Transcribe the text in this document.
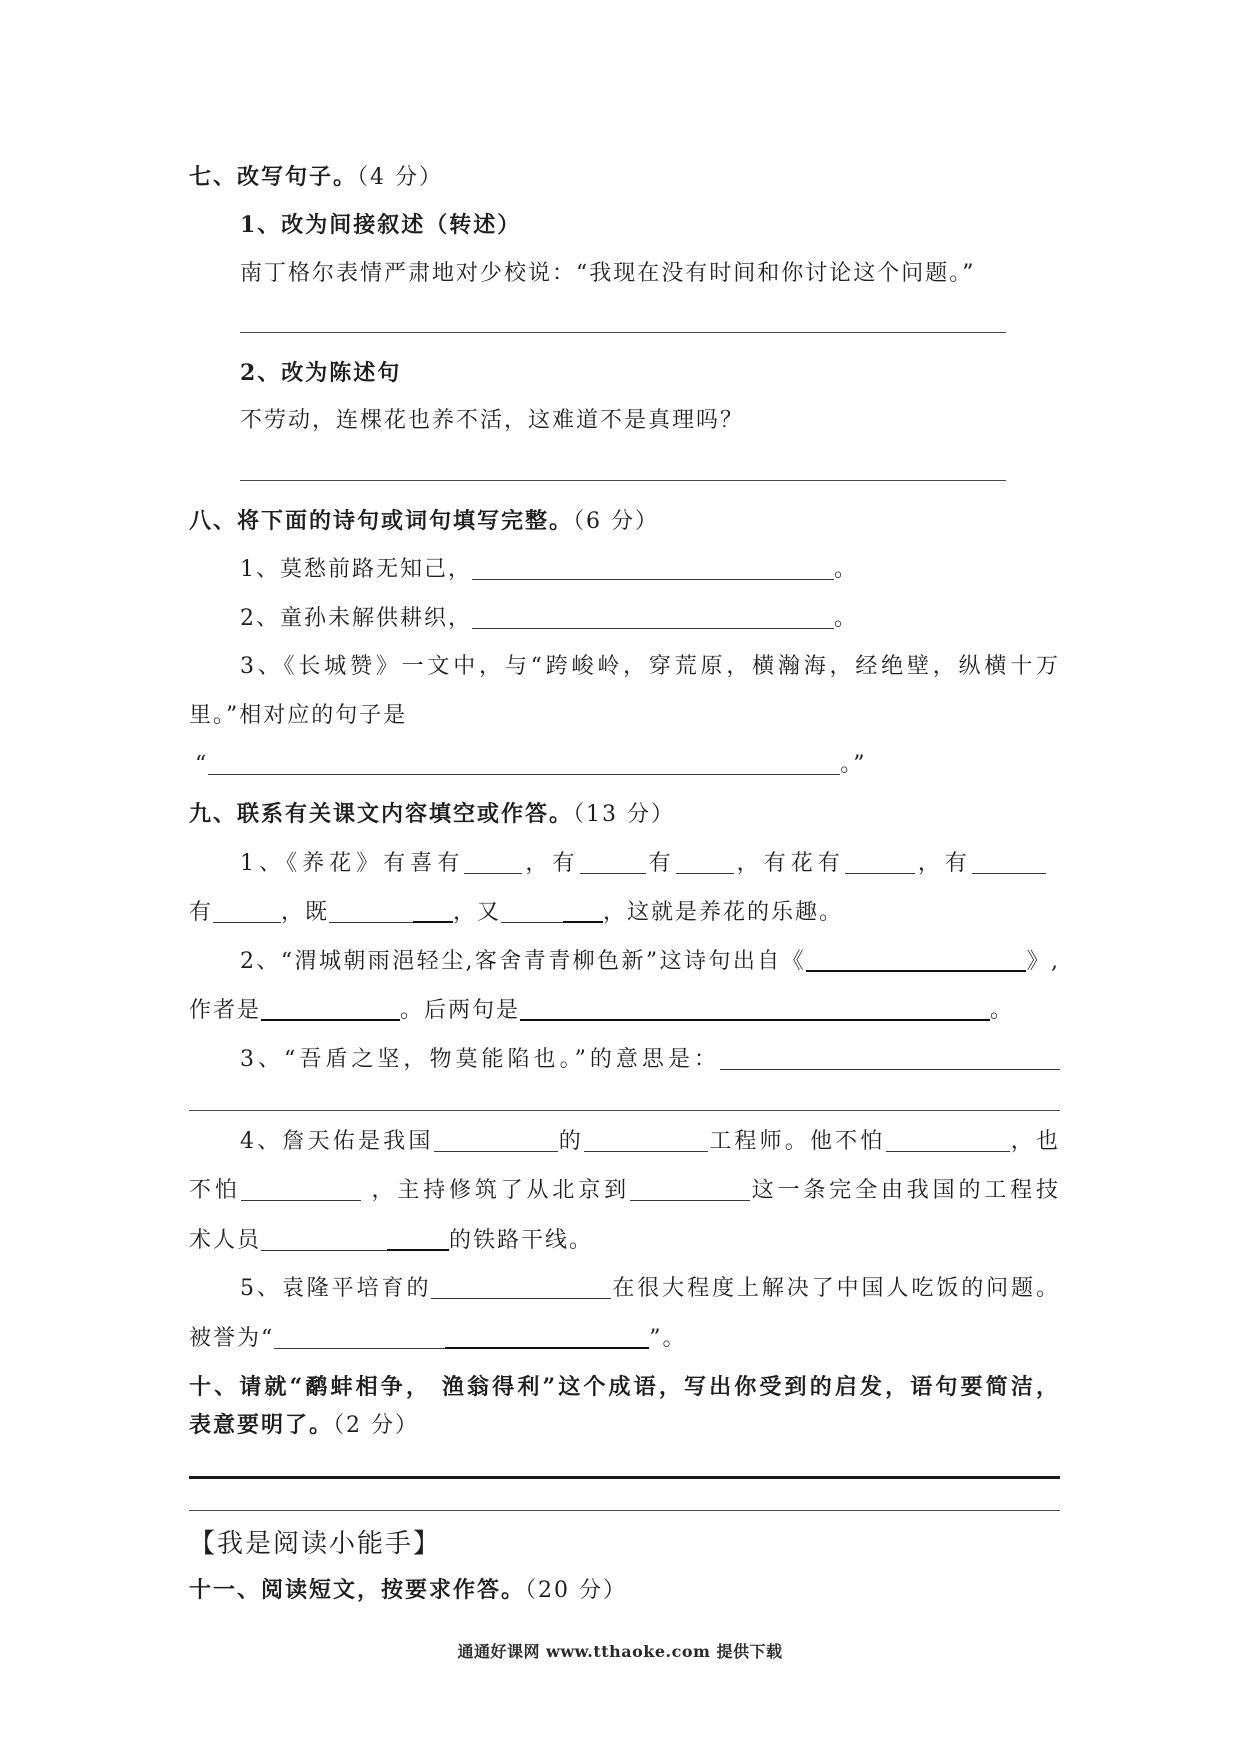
七、改写句子。（4 分）
1、改为间接叙述（转述）
南丁格尔表情严肃地对少校说：“我现在没有时间和你讨论这个问题。”
2、改为陈述句
不劳动，连棵花也养不活，这难道不是真理吗？
八、将下面的诗句或词句填写完整。（6 分）
1、莫愁前路无知己，	。
2、童孙未解供耕织，	。
3、《长城赞》一文中，与“跨峻岭，穿荒原，横瀚海，经绝壁，纵横十万
里。”相对应的句子是
“	。”
九、联系有关课文内容填空或作答。（13 分）
1、《养花》有喜有	，有	有	，有花有	，有
有	，既	，又	，这就是养花的乐趣。
2、“渭城朝雨浥轻尘,客舍青青柳色新”这诗句出自《	》,
作者是	。后两句是	。
3、“吾盾之坚，物莫能陷也。”的意思是：
4、詹天佑是我国	的	工程师。他不怕	，也
不怕	，主持修筑了从北京到	这一条完全由我国的工程技
术人员	的铁路干线。
5、袁隆平培育的	在很大程度上解决了中国人吃饭的问题。
被誉为“	”。
十、请就“鹬蚌相争， 渔翁得利”这个成语，写出你受到的启发，语句要简洁，
表意要明了。（2 分）
【我是阅读小能手】
十一、阅读短文，按要求作答。（20 分）
通通好课网 www.tthaoke.com 提供下载
